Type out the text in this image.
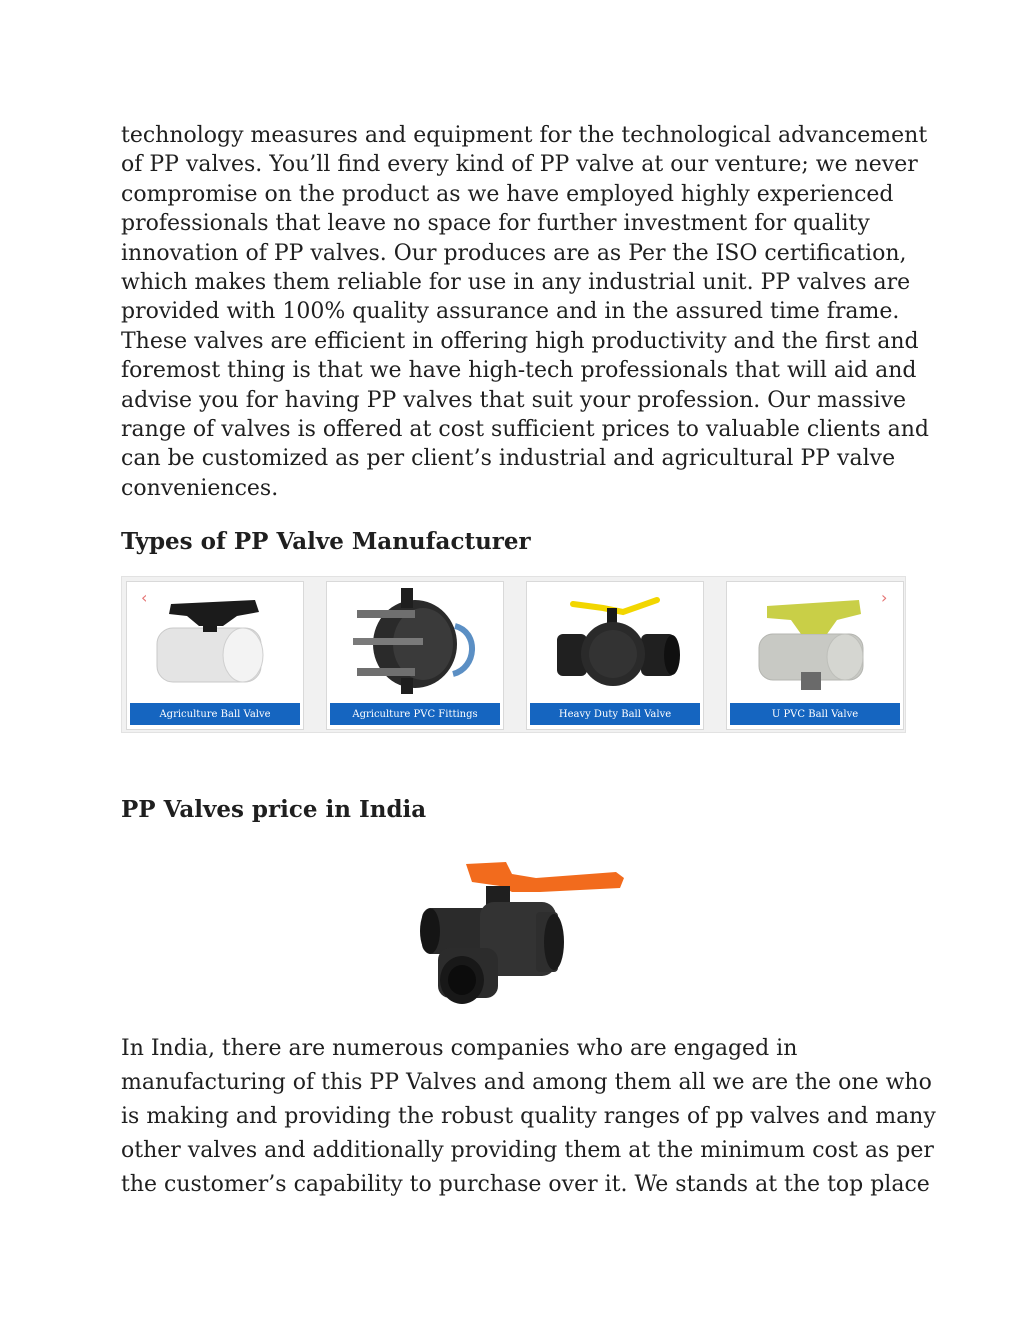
technology measures and equipment for the technological advancement
of PP valves. You’ll find every kind of PP valve at our venture; we never
compromise on the product as we have employed highly experienced
professionals that leave no space for further investment for quality
innovation of PP valves. Our produces are as Per the ISO certification,
which makes them reliable for use in any industrial unit. PP valves are
provided with 100% quality assurance and in the assured time frame.
These valves are efficient in offering high productivity and the first and
foremost thing is that we have high-tech professionals that will aid and
advise you for having PP valves that suit your profession. Our massive
range of valves is offered at cost sufficient prices to valuable clients and
can be customized as per client’s industrial and agricultural PP valve
conveniences.

Types of PP Valve Manufacturer
‹
Agriculture Ball Valve	Agriculture PVC Fittings	Heavy Duty Ball Valve
›
U PVC Ball Valve
PP Valves price in India

In India, there are numerous companies who are engaged in
manufacturing of this PP Valves and among them all we are the one who
is making and providing the robust quality ranges of pp valves and many
other valves and additionally providing them at the minimum cost as per
the customer’s capability to purchase over it. We stands at the top place
